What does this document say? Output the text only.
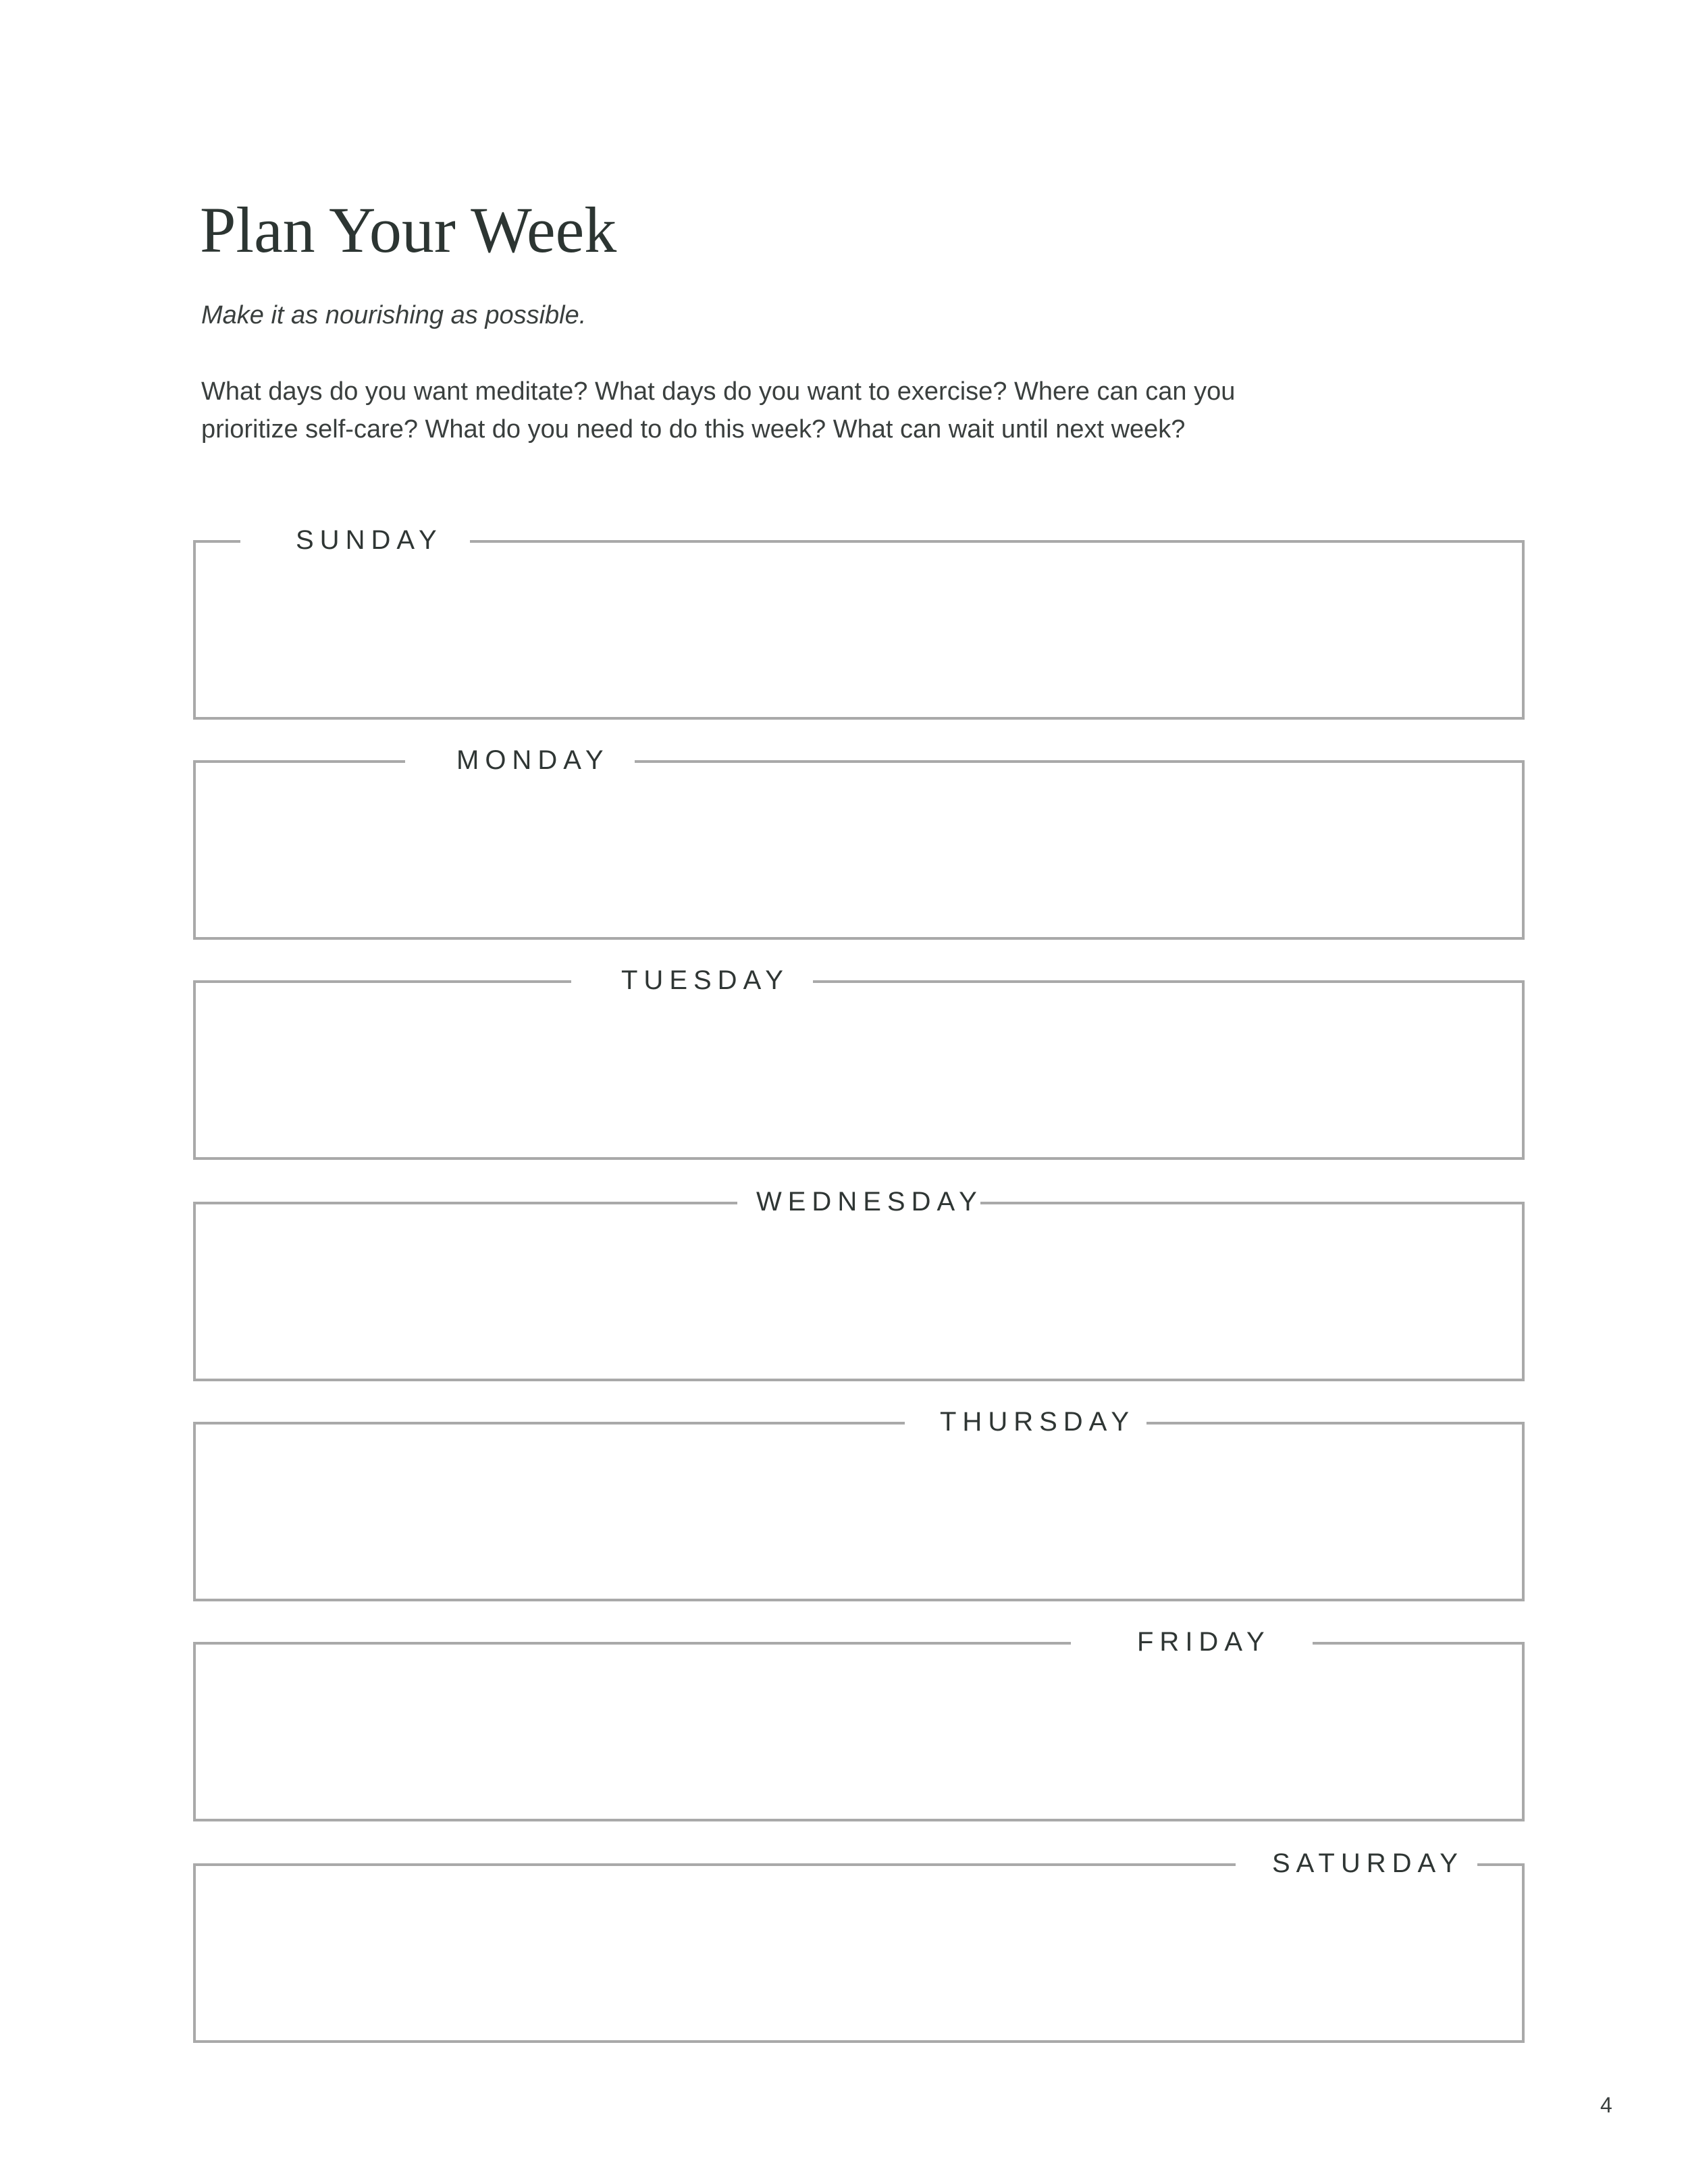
Plan Your Week

Make it as nourishing as possible.

What days do you want meditate? What days do you want to exercise? Where can can you prioritize self-care? What do you need to do this week? What can wait until next week?

SUNDAY
MONDAY
TUESDAY
WEDNESDAY
THURSDAY
FRIDAY
SATURDAY
4
